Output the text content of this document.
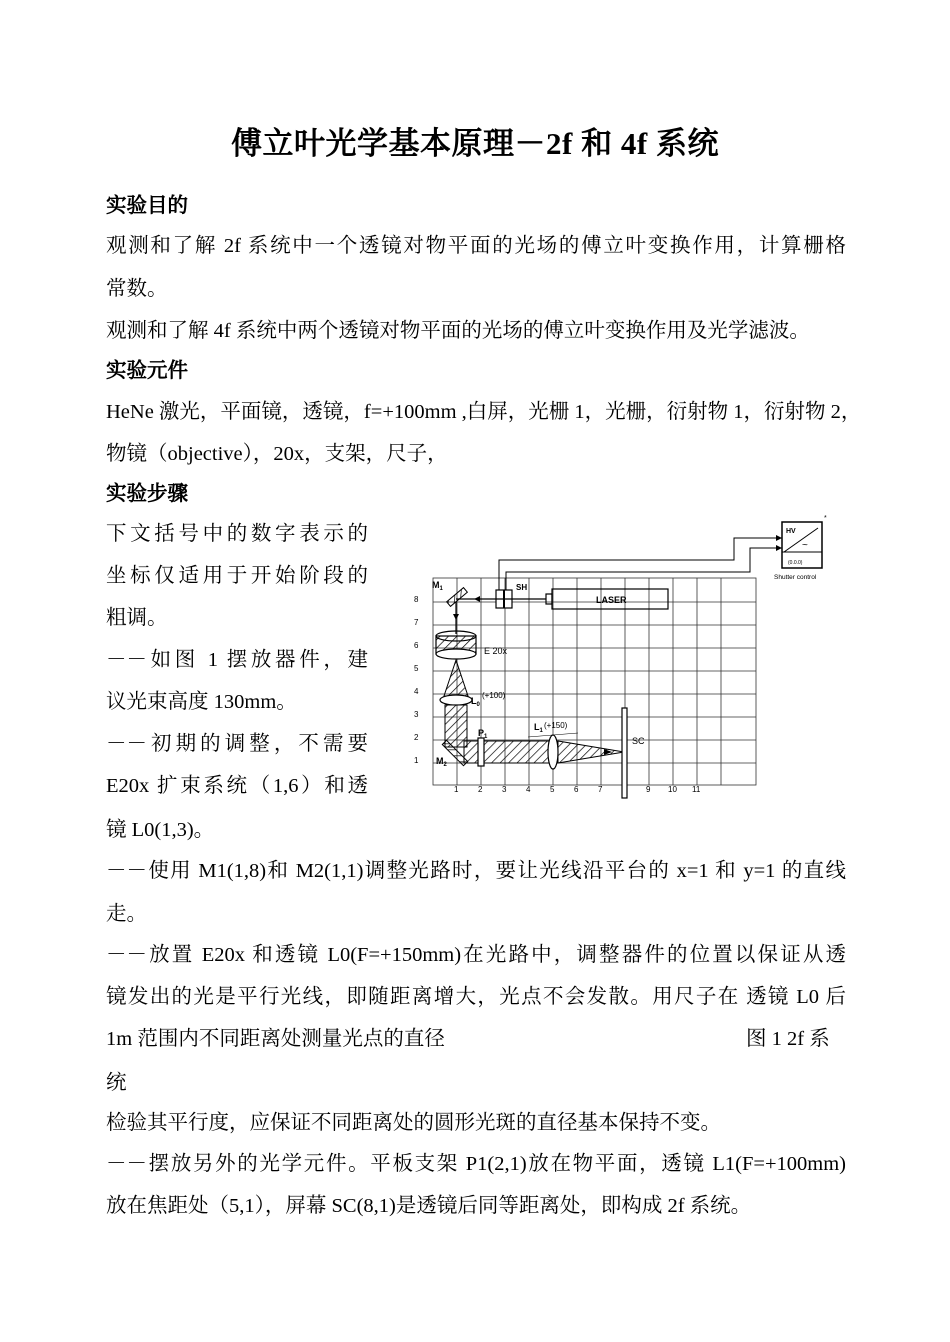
傅立叶光学基本原理－2f 和 4f 系统
实验目的
观测和了解 2f 系统中一个透镜对物平面的光场的傅立叶变换作用，计算栅格
常数。
观测和了解 4f 系统中两个透镜对物平面的光场的傅立叶变换作用及光学滤波。
实验元件
HeNe 激光，平面镜，透镜，f=+100mm ,白屏，光栅 1，光栅，衍射物 1，衍射物 2，
物镜（objective），20x，支架，尺子，
实验步骤
下文括号中的数字表示的
坐标仅适用于开始阶段的
粗调。
－－如图 1 摆放器件，建
议光束高度 130mm。
－－初期的调整，不需要
E20x 扩束系统（1,6）和透
镜 L0(1,3)。
－－使用 M1(1,8)和 M2(1,1)调整光路时，要让光线沿平台的 x=1 和 y=1 的直线
走。
－－放置 E20x 和透镜 L0(F=+150mm)在光路中，调整器件的位置以保证从透
镜发出的光是平行光线，即随距离增大，光点不会发散。用尺子在 透镜 L0 后
1m 范围内不同距离处测量光点的直径	图 1 2f 系
统
检验其平行度，应保证不同距离处的圆形光斑的直径基本保持不变。
－－摆放另外的光学元件。平板支架 P1(2,1)放在物平面，透镜 L1(F=+100mm)
放在焦距处（5,1），屏幕 SC(8,1)是透镜后同等距离处，即构成 2f 系统。
8
7
6
5
4
3
2
1
1 2 3 4 5 6 7	9 10 11
HV
~
(0.0.0)
*
Shutter control
LASER
SH
$M_1$
E 20x
$L_0$
(+100)
$M_2$
$P_1$
$L_1$
(+150)
SC
